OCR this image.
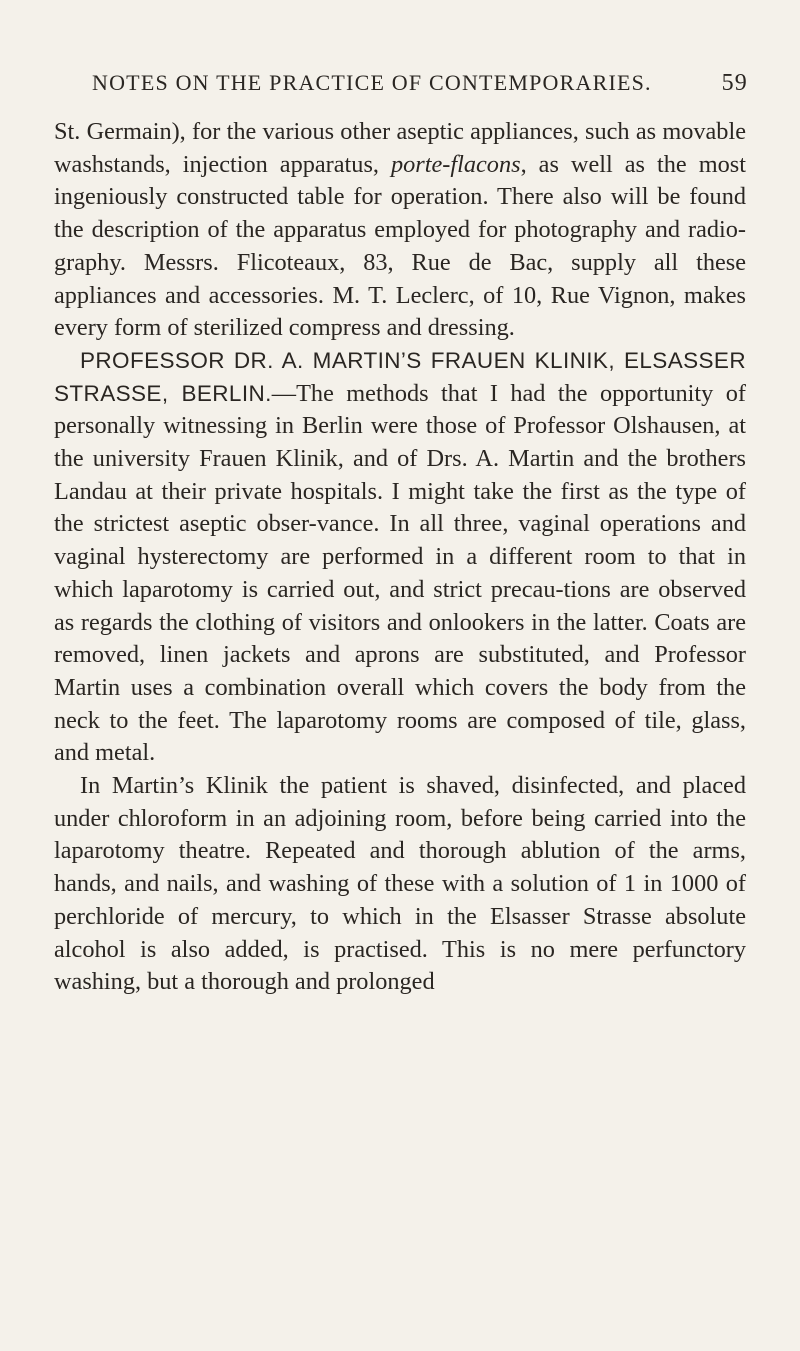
NOTES ON THE PRACTICE OF CONTEMPORARIES.	59

St. Germain), for the various other aseptic appliances, such as movable washstands, injection apparatus, porte-flacons, as well as the most ingeniously constructed table for operation. There also will be found the description of the apparatus employed for photography and radio-graphy. Messrs. Flicoteaux, 83, Rue de Bac, supply all these appliances and accessories. M. T. Leclerc, of 10, Rue Vignon, makes every form of sterilized compress and dressing.

PROFESSOR DR. A. MARTIN’S FRAUEN KLINIK, ELSASSER STRASSE, BERLIN.—The methods that I had the opportunity of personally witnessing in Berlin were those of Professor Olshausen, at the university Frauen Klinik, and of Drs. A. Martin and the brothers Landau at their private hospitals. I might take the first as the type of the strictest aseptic obser-vance. In all three, vaginal operations and vaginal hysterectomy are performed in a different room to that in which laparotomy is carried out, and strict precau-tions are observed as regards the clothing of visitors and onlookers in the latter. Coats are removed, linen jackets and aprons are substituted, and Professor Martin uses a combination overall which covers the body from the neck to the feet. The laparotomy rooms are composed of tile, glass, and metal.

In Martin’s Klinik the patient is shaved, disinfected, and placed under chloroform in an adjoining room, before being carried into the laparotomy theatre. Repeated and thorough ablution of the arms, hands, and nails, and washing of these with a solution of 1 in 1000 of perchloride of mercury, to which in the Elsasser Strasse absolute alcohol is also added, is practised. This is no mere perfunctory washing, but a thorough and prolonged
